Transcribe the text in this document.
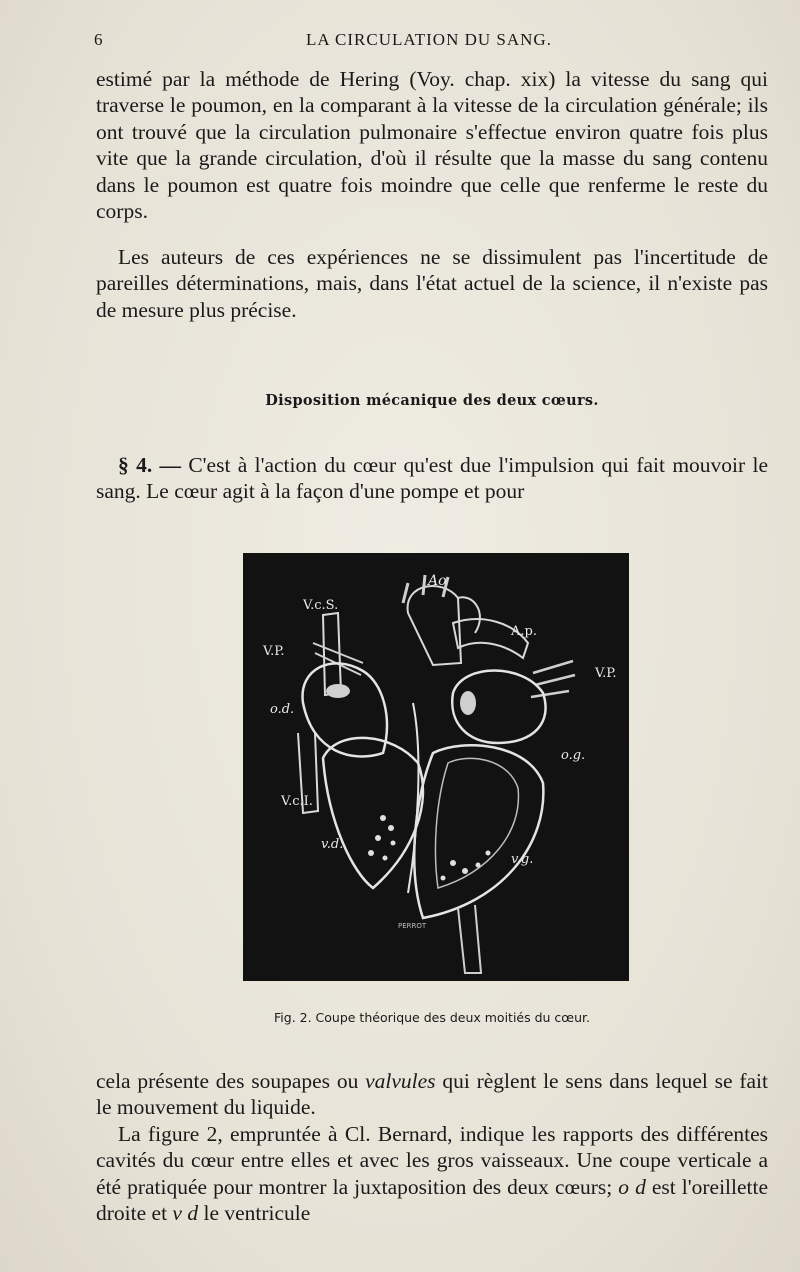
6	LA CIRCULATION DU SANG.

estimé par la méthode de Hering (Voy. chap. xix) la vitesse du sang qui traverse le poumon, en la comparant à la vitesse de la circulation générale; ils ont trouvé que la circulation pulmonaire s'effectue environ quatre fois plus vite que la grande circulation, d'où il résulte que la masse du sang contenu dans le poumon est quatre fois moindre que celle que renferme le reste du corps.

Les auteurs de ces expériences ne se dissimulent pas l'incertitude de pareilles déterminations, mais, dans l'état actuel de la science, il n'existe pas de mesure plus précise.

Disposition mécanique des deux cœurs.

§ 4. — C'est à l'action du cœur qu'est due l'impulsion qui fait mouvoir le sang. Le cœur agit à la façon d'une pompe et pour

Ao
V.c.S.
A.p.
V.P.
V.P.
o.d.
o.g.
V.c.I.
v.d.
v.g.
PERROT
Fig. 2. Coupe théorique des deux moitiés du cœur.

cela présente des soupapes ou valvules qui règlent le sens dans lequel se fait le mouvement du liquide.

La figure 2, empruntée à Cl. Bernard, indique les rapports des différentes cavités du cœur entre elles et avec les gros vaisseaux. Une coupe verticale a été pratiquée pour montrer la juxtaposition des deux cœurs; o d est l'oreillette droite et v d le ventricule
